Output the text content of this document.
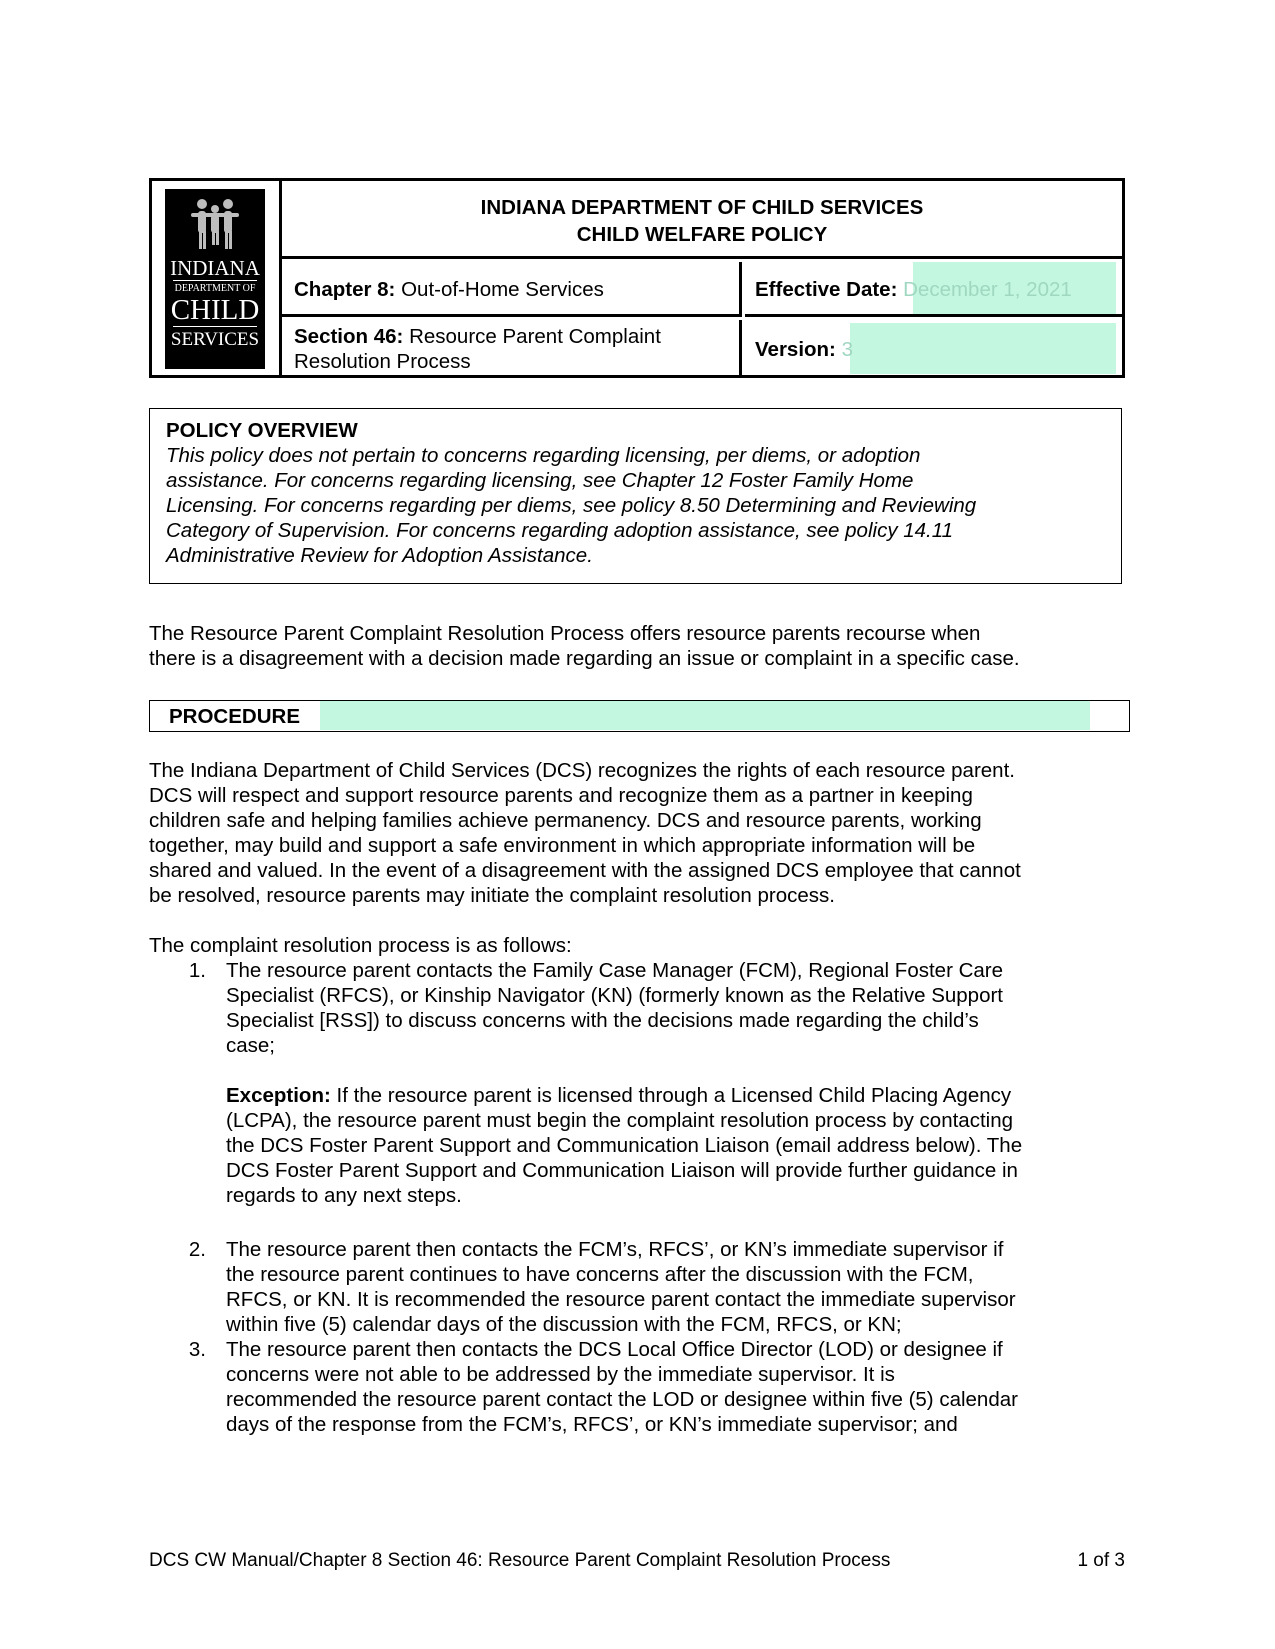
INDIANA
DEPARTMENT OF
CHILD
SERVICES
INDIANA DEPARTMENT OF CHILD SERVICES
CHILD WELFARE POLICY
Chapter 8: Out-of-Home Services	Effective Date: December 1, 2021
Section 46: Resource Parent Complaint
Resolution Process
Version: 3
POLICY OVERVIEW
This policy does not pertain to concerns regarding licensing, per diems, or adoption
assistance. For concerns regarding licensing, see Chapter 12 Foster Family Home
Licensing. For concerns regarding per diems, see policy 8.50 Determining and Reviewing
Category of Supervision. For concerns regarding adoption assistance, see policy 14.11
Administrative Review for Adoption Assistance.
The Resource Parent Complaint Resolution Process offers resource parents recourse when
there is a disagreement with a decision made regarding an issue or complaint in a specific case.
PROCEDURE
The Indiana Department of Child Services (DCS) recognizes the rights of each resource parent.
DCS will respect and support resource parents and recognize them as a partner in keeping
children safe and helping families achieve permanency. DCS and resource parents, working
together, may build and support a safe environment in which appropriate information will be
shared and valued. In the event of a disagreement with the assigned DCS employee that cannot
be resolved, resource parents may initiate the complaint resolution process.
The complaint resolution process is as follows:
1. The resource parent contacts the Family Case Manager (FCM), Regional Foster Care
Specialist (RFCS), or Kinship Navigator (KN) (formerly known as the Relative Support
Specialist [RSS]) to discuss concerns with the decisions made regarding the child’s
case;
Exception: If the resource parent is licensed through a Licensed Child Placing Agency
(LCPA), the resource parent must begin the complaint resolution process by contacting
the DCS Foster Parent Support and Communication Liaison (email address below). The
DCS Foster Parent Support and Communication Liaison will provide further guidance in
regards to any next steps.
2. The resource parent then contacts the FCM’s, RFCS’, or KN’s immediate supervisor if
the resource parent continues to have concerns after the discussion with the FCM,
RFCS, or KN. It is recommended the resource parent contact the immediate supervisor
within five (5) calendar days of the discussion with the FCM, RFCS, or KN;
3. The resource parent then contacts the DCS Local Office Director (LOD) or designee if
concerns were not able to be addressed by the immediate supervisor. It is
recommended the resource parent contact the LOD or designee within five (5) calendar
days of the response from the FCM’s, RFCS’, or KN’s immediate supervisor; and
DCS CW Manual/Chapter 8 Section 46: Resource Parent Complaint Resolution Process	1 of 3
